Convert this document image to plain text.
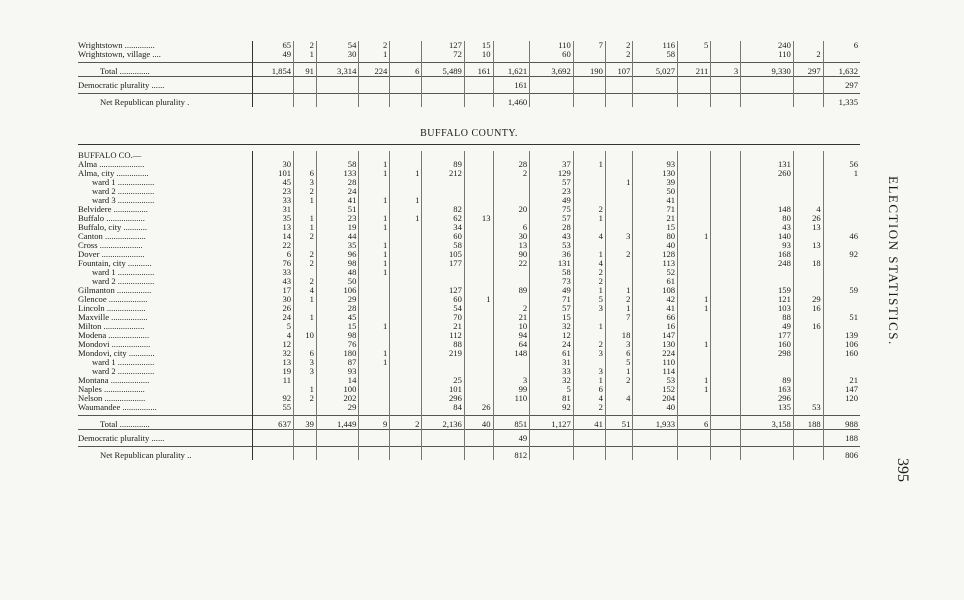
Wrightstown ..............	65	2	54	2		127	15		110	7	2	116	5		240		6
Wrightstown, village ....	49	1	30	1		72	10		60		2	58			110	2	

Total ..............	1,854	91	3,314	224	6	5,489	161	1,621	3,692	190	107	5,027	211	3	9,330	297	1,632
Democratic plurality ......								161									297

Net Republican plurality .								1,460									1,335
BUFFALO COUNTY.
BUFFALO CO.—																	
Alma .....................	30		58	1		89		28	37	1		93			131		56
Alma, city ...............	101	6	133	1	1	212		2	129			130			260		1
ward 1 .................	45	3	28						57		1	39					
ward 2 .................	23	2	24						23			50					
ward 3 .................	33	1	41	1	1				49			41					
Belvidere ................	31		51			82		20	75	2		71			148	4	
Buffalo ..................	35	1	23	1	1	62	13		57	1		21			80	26	
Buffalo, city ...........	13	1	19	1		34		6	28			15			43	13	
Canton ...................	14	2	44			60		30	43	4	3	80	1		140		46
Cross ....................	22		35	1		58		13	53			40			93	13	
Dover ....................	6	2	96	1		105		90	36	1	2	128			168		92
Fountain, city ...........	76	2	98	1		177		22	131	4		113			248	18	
ward 1 .................	33		48	1					58	2		52					
ward 2 .................	43	2	50						73	2		61					
Gilmanton ................	17	4	106			127		89	49	1	1	108			159		59
Glencoe ..................	30	1	29			60	1		71	5	2	42	1		121	29	
Lincoln ..................	26		28			54		2	57	3	1	41	1		103	16	
Maxville .................	24	1	45			70		21	15		7	66			88		51
Milton ...................	5		15	1		21		10	32	1		16			49	16	
Modena ...................	4	10	98			112		94	12		18	147			177		139
Mondovi ..................	12		76			88		64	24	2	3	130	1		160		106
Mondovi, city ............	32	6	180	1		219		148	61	3	6	224			298		160
ward 1 .................	13	3	87	1					31		5	110					
ward 2 .................	19	3	93						33	3	1	114					
Montana ..................	11		14			25		3	32	1	2	53	1		89		21
Naples ...................		1	100			101		99	5	6		152	1		163		147
Nelson ...................	92	2	202			296		110	81	4	4	204			296		120
Waumandee ................	55		29			84	26		92	2		40			135	53	

Total ..............	637	39	1,449	9	2	2,136	40	851	1,127	41	51	1,933	6		3,158	188	988
Democratic plurality ......								49									188

Net Republican plurality ..								812									806
ELECTION STATISTICS.
395
